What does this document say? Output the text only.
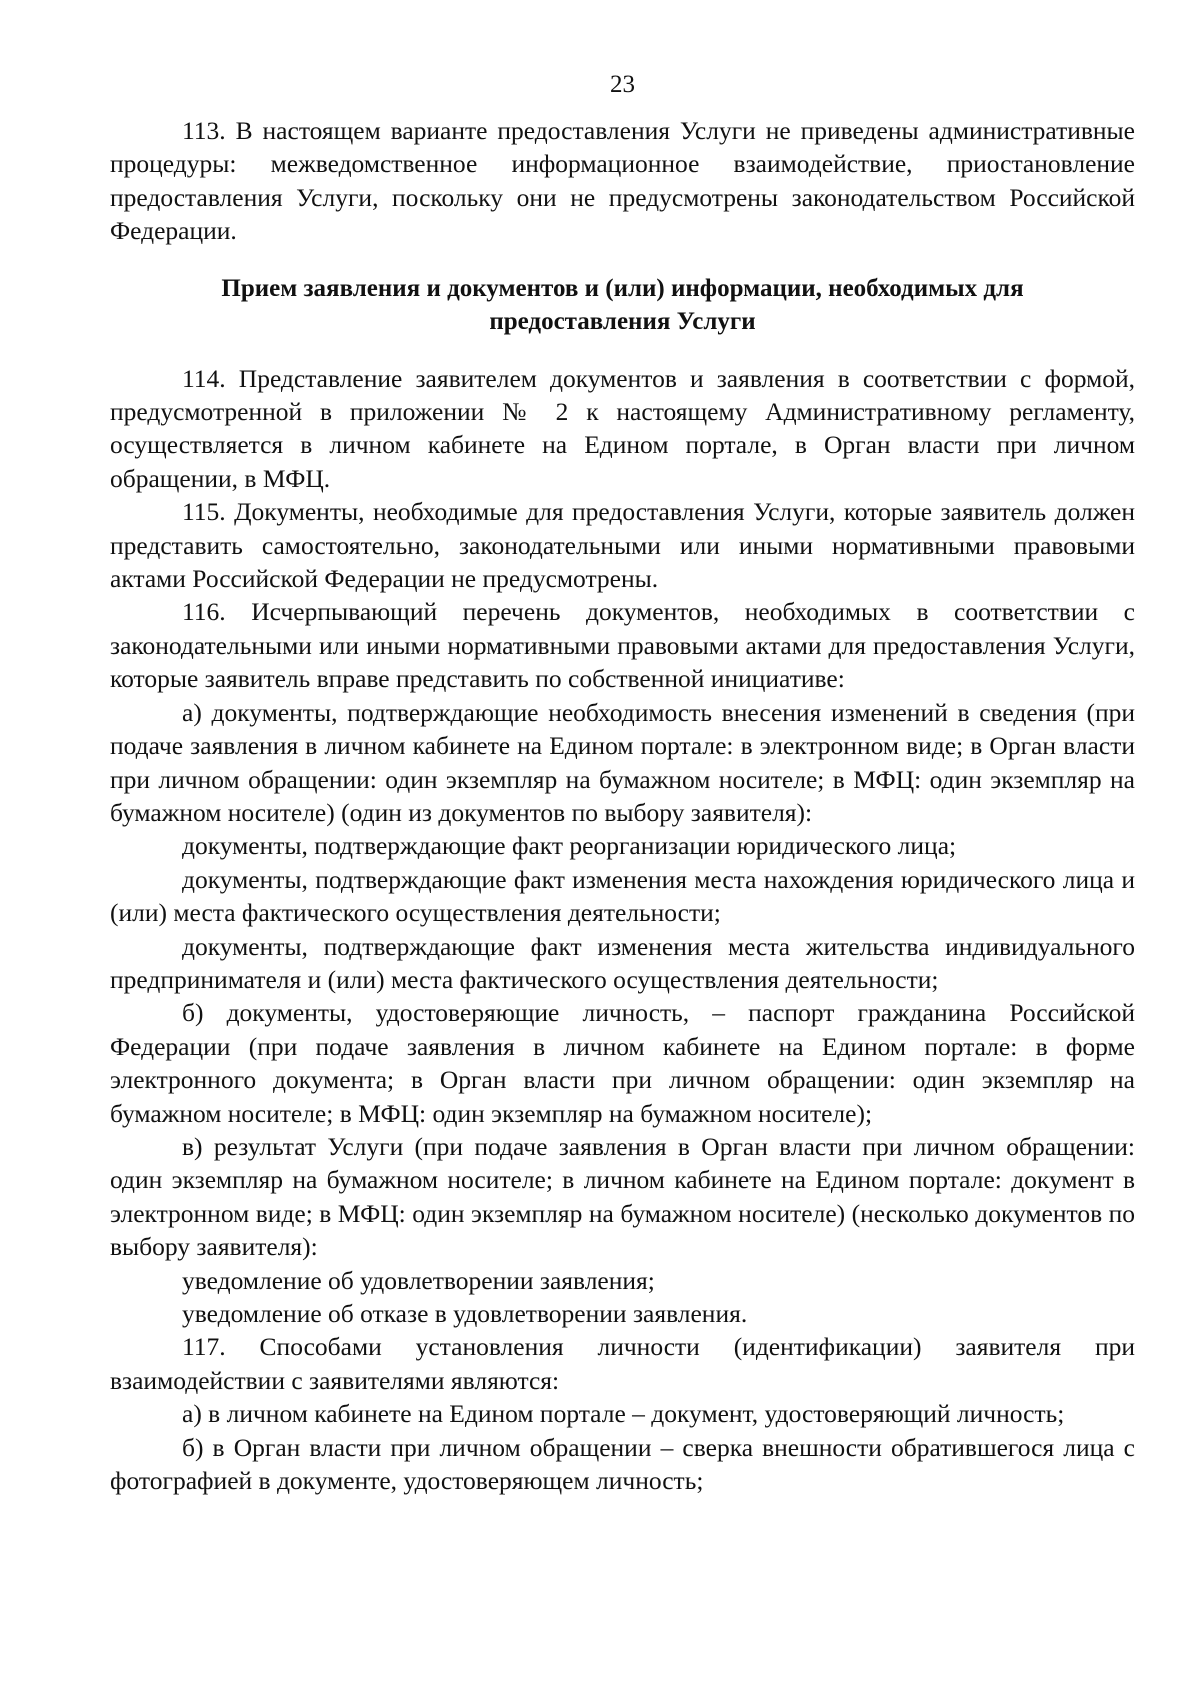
23

113. В настоящем варианте предоставления Услуги не приведены административные процедуры: межведомственное информационное взаимодействие, приостановление предоставления Услуги, поскольку они не предусмотрены законодательством Российской Федерации.

Прием заявления и документов и (или) информации, необходимых для
предоставления Услуги

114. Представление заявителем документов и заявления в соответствии с формой, предусмотренной в приложении № 2 к настоящему Административному регламенту, осуществляется в личном кабинете на Едином портале, в Орган власти при личном обращении, в МФЦ.

115. Документы, необходимые для предоставления Услуги, которые заявитель должен представить самостоятельно, законодательными или иными нормативными правовыми актами Российской Федерации не предусмотрены.

116. Исчерпывающий перечень документов, необходимых в соответствии с законодательными или иными нормативными правовыми актами для предоставления Услуги, которые заявитель вправе представить по собственной инициативе:

а) документы, подтверждающие необходимость внесения изменений в сведения (при подаче заявления в личном кабинете на Едином портале: в электронном виде; в Орган власти при личном обращении: один экземпляр на бумажном носителе; в МФЦ: один экземпляр на бумажном носителе) (один из документов по выбору заявителя):

документы, подтверждающие факт реорганизации юридического лица;

документы, подтверждающие факт изменения места нахождения юридического лица и (или) места фактического осуществления деятельности;

документы, подтверждающие факт изменения места жительства индивидуального предпринимателя и (или) места фактического осуществления деятельности;

б) документы, удостоверяющие личность, – паспорт гражданина Российской Федерации (при подаче заявления в личном кабинете на Едином портале: в форме электронного документа; в Орган власти при личном обращении: один экземпляр на бумажном носителе; в МФЦ: один экземпляр на бумажном носителе);

в) результат Услуги (при подаче заявления в Орган власти при личном обращении: один экземпляр на бумажном носителе; в личном кабинете на Едином портале: документ в электронном виде; в МФЦ: один экземпляр на бумажном носителе) (несколько документов по выбору заявителя):

уведомление об удовлетворении заявления;

уведомление об отказе в удовлетворении заявления.

117. Способами установления личности (идентификации) заявителя при взаимодействии с заявителями являются:

а) в личном кабинете на Едином портале – документ, удостоверяющий личность;

б) в Орган власти при личном обращении – сверка внешности обратившегося лица с фотографией в документе, удостоверяющем личность;
